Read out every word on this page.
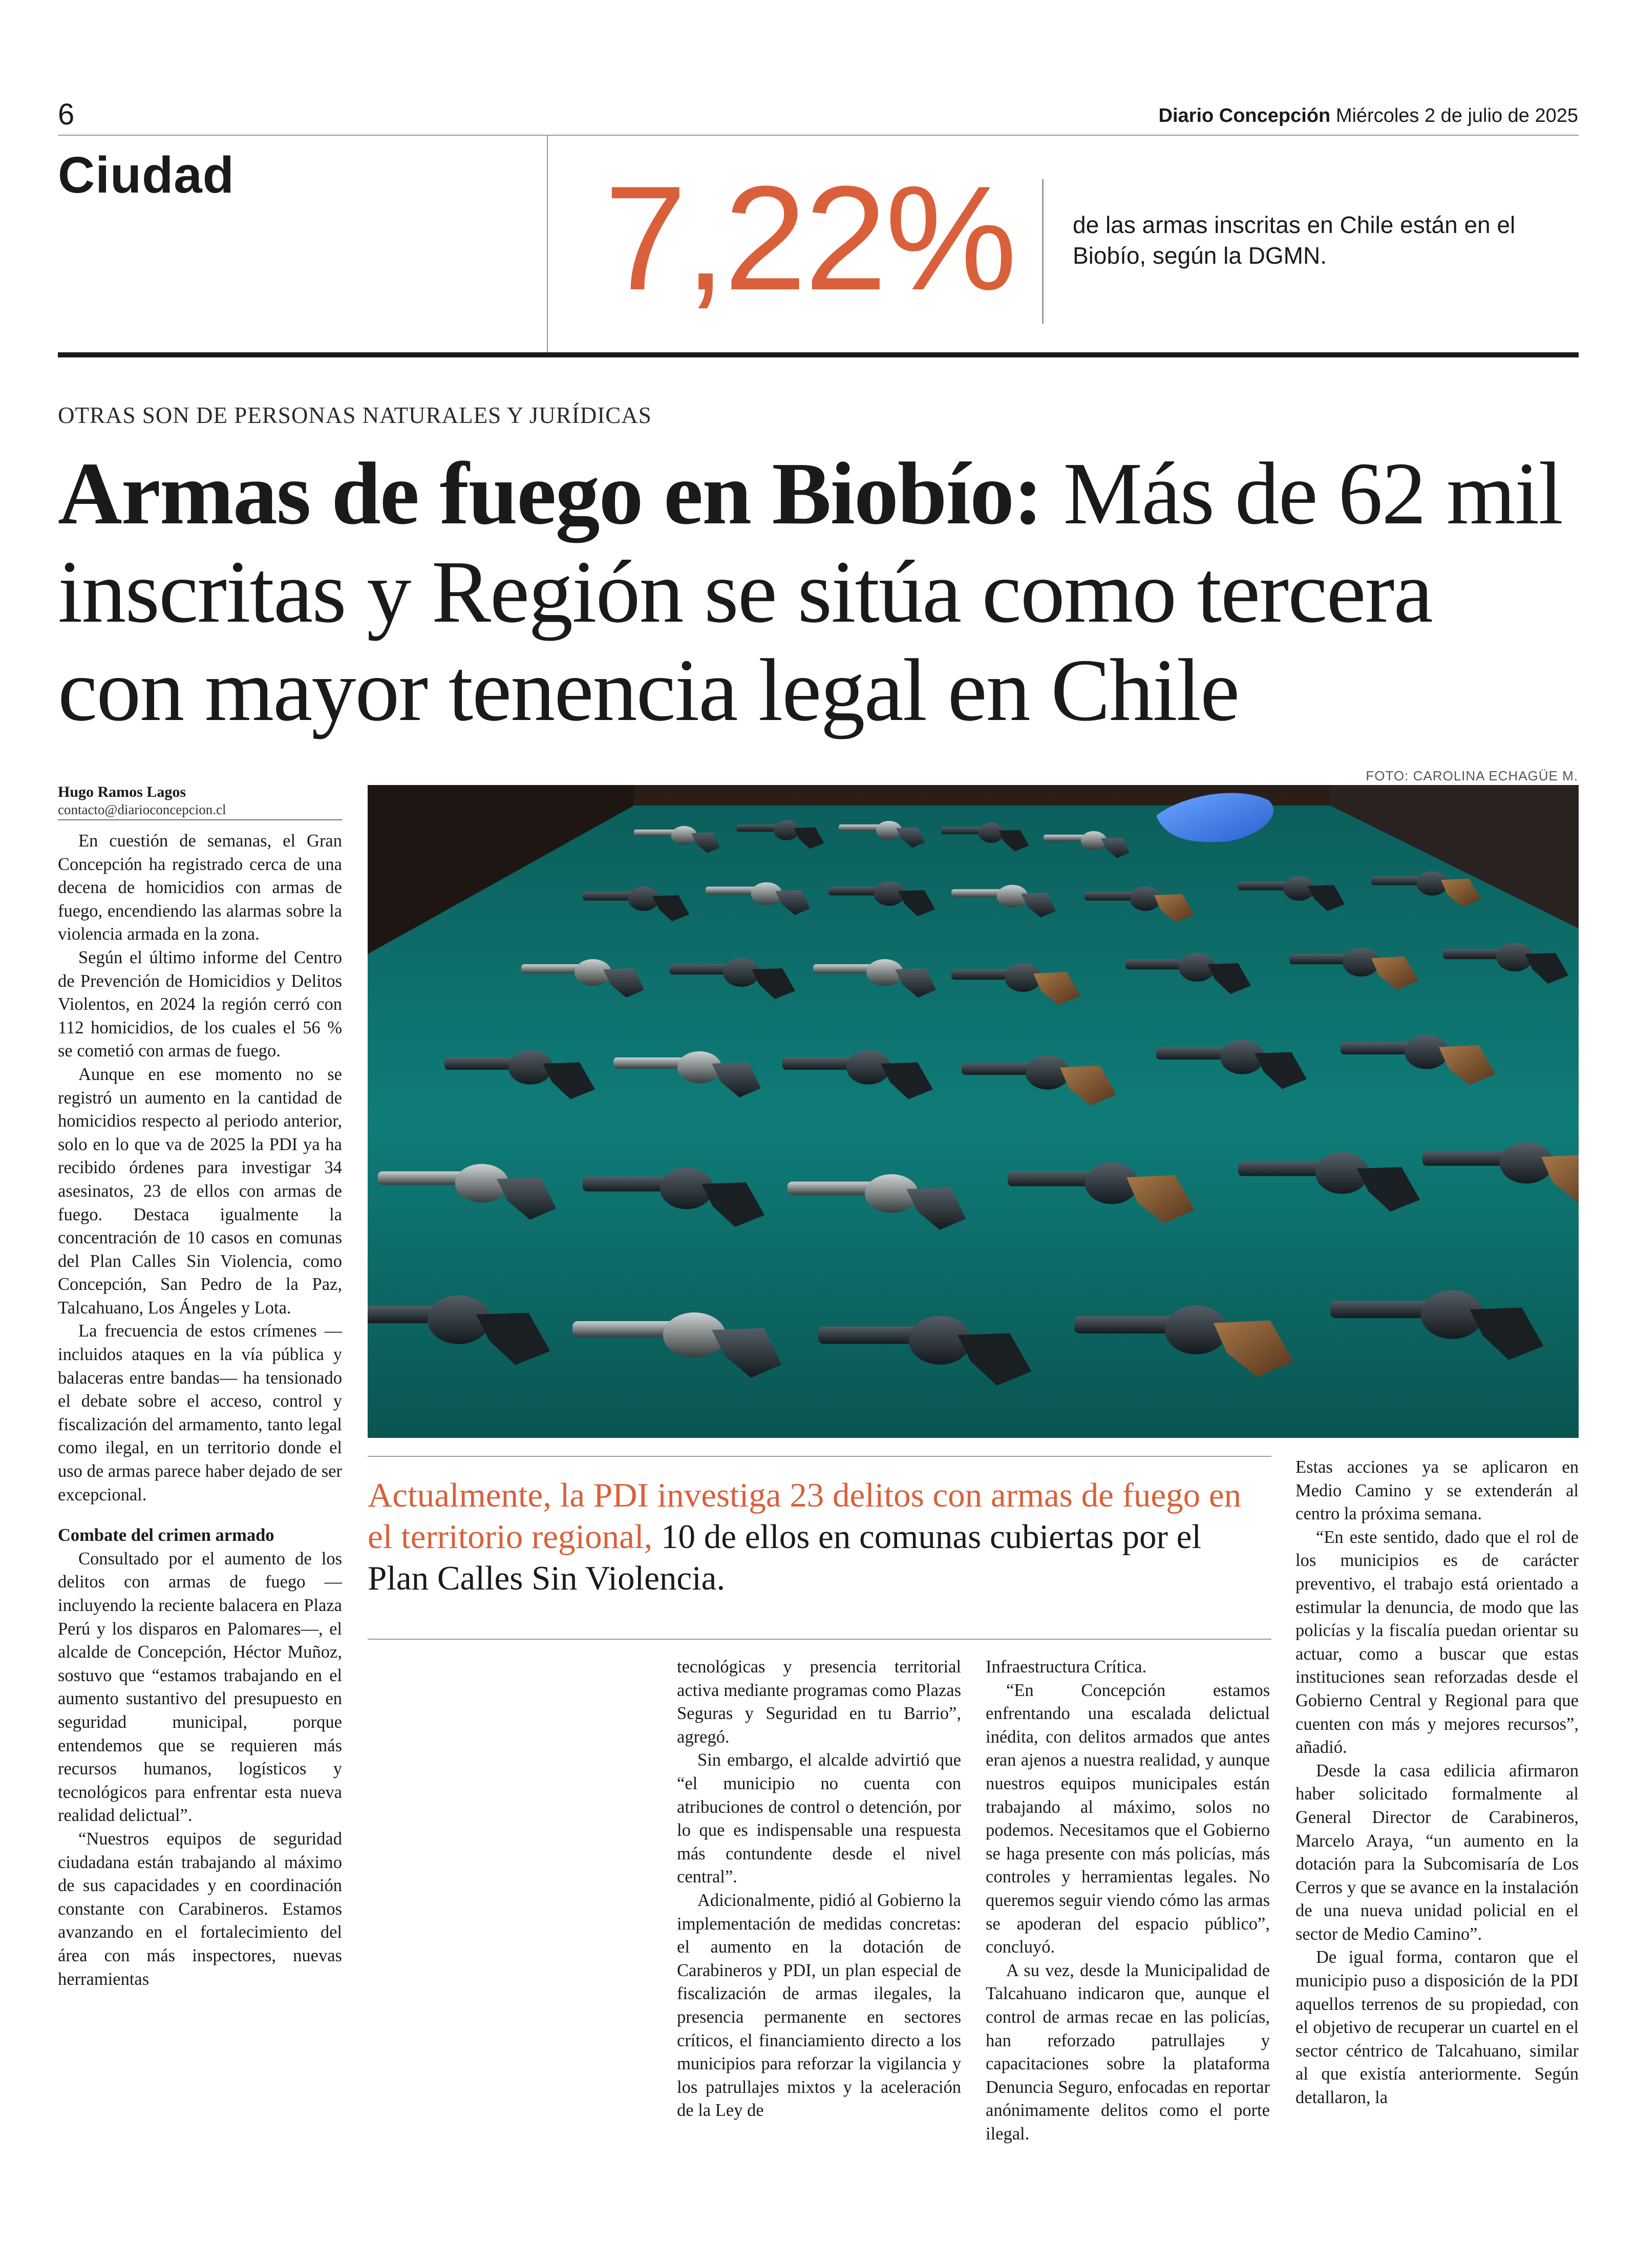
6	Diario Concepción Miércoles 2 de julio de 2025
Ciudad 7,22% de las armas inscritas en Chile están en el Biobío, según la DGMN.
OTRAS SON DE PERSONAS NATURALES Y JURÍDICAS
Armas de fuego en Biobío: Más de 62 mil inscritas y Región se sitúa como tercera con mayor tenencia legal en Chile
FOTO: CAROLINA ECHAGÜE M.
Hugo Ramos Lagos
contacto@diarioconcepcion.cl
Actualmente, la PDI investiga 23 delitos con armas de fuego en el territorio regional, 10 de ellos en comunas cubiertas por el Plan Calles Sin Violencia.

En cuestión de semanas, el Gran Concepción ha registrado cerca de una decena de homicidios con armas de fuego, encendiendo las alarmas sobre la violencia armada en la zona.

Según el último informe del Centro de Prevención de Homicidios y Delitos Violentos, en 2024 la región cerró con 112 homicidios, de los cuales el 56 % se cometió con armas de fuego.

Aunque en ese momento no se registró un aumento en la cantidad de homicidios respecto al periodo anterior, solo en lo que va de 2025 la PDI ya ha recibido órdenes para investigar 34 asesinatos, 23 de ellos con armas de fuego. Destaca igualmente la concentración de 10 casos en comunas del Plan Calles Sin Violencia, como Concepción, San Pedro de la Paz, Talcahuano, Los Ángeles y Lota.

La frecuencia de estos crímenes —incluidos ataques en la vía pública y balaceras entre bandas— ha tensionado el debate sobre el acceso, control y fiscalización del armamento, tanto legal como ilegal, en un territorio donde el uso de armas parece haber dejado de ser excepcional.

Combate del crimen armado

Consultado por el aumento de los delitos con armas de fuego —incluyendo la reciente balacera en Plaza Perú y los disparos en Palomares—, el alcalde de Concepción, Héctor Muñoz, sostuvo que “estamos trabajando en el aumento sustantivo del presupuesto en seguridad municipal, porque entendemos que se requieren más recursos humanos, logísticos y tecnológicos para enfrentar esta nueva realidad delictual”.

“Nuestros equipos de seguridad ciudadana están trabajando al máximo de sus capacidades y en coordinación constante con Carabineros. Estamos avanzando en el fortalecimiento del área con más inspectores, nuevas herramientas

tecnológicas y presencia territorial activa mediante programas como Plazas Seguras y Seguridad en tu Barrio”, agregó.

Sin embargo, el alcalde advirtió que “el municipio no cuenta con atribuciones de control o detención, por lo que es indispensable una respuesta más contundente desde el nivel central”.

Adicionalmente, pidió al Gobierno la implementación de medidas concretas: el aumento en la dotación de Carabineros y PDI, un plan especial de fiscalización de armas ilegales, la presencia permanente en sectores críticos, el financiamiento directo a los municipios para reforzar la vigilancia y los patrullajes mixtos y la aceleración de la Ley de

Infraestructura Crítica.

“En Concepción estamos enfrentando una escalada delictual inédita, con delitos armados que antes eran ajenos a nuestra realidad, y aunque nuestros equipos municipales están trabajando al máximo, solos no podemos. Necesitamos que el Gobierno se haga presente con más policías, más controles y herramientas legales. No queremos seguir viendo cómo las armas se apoderan del espacio público”, concluyó.

A su vez, desde la Municipalidad de Talcahuano indicaron que, aunque el control de armas recae en las policías, han reforzado patrullajes y capacitaciones sobre la plataforma Denuncia Seguro, enfocadas en reportar anónimamente delitos como el porte ilegal.

Estas acciones ya se aplicaron en Medio Camino y se extenderán al centro la próxima semana.

“En este sentido, dado que el rol de los municipios es de carácter preventivo, el trabajo está orientado a estimular la denuncia, de modo que las policías y la fiscalía puedan orientar su actuar, como a buscar que estas instituciones sean reforzadas desde el Gobierno Central y Regional para que cuenten con más y mejores recursos”, añadió.

Desde la casa edilicia afirmaron haber solicitado formalmente al General Director de Carabineros, Marcelo Araya, “un aumento en la dotación para la Subcomisaría de Los Cerros y que se avance en la instalación de una nueva unidad policial en el sector de Medio Camino”.

De igual forma, contaron que el municipio puso a disposición de la PDI aquellos terrenos de su propiedad, con el objetivo de recuperar un cuartel en el sector céntrico de Talcahuano, similar al que existía anteriormente. Según detallaron, la
